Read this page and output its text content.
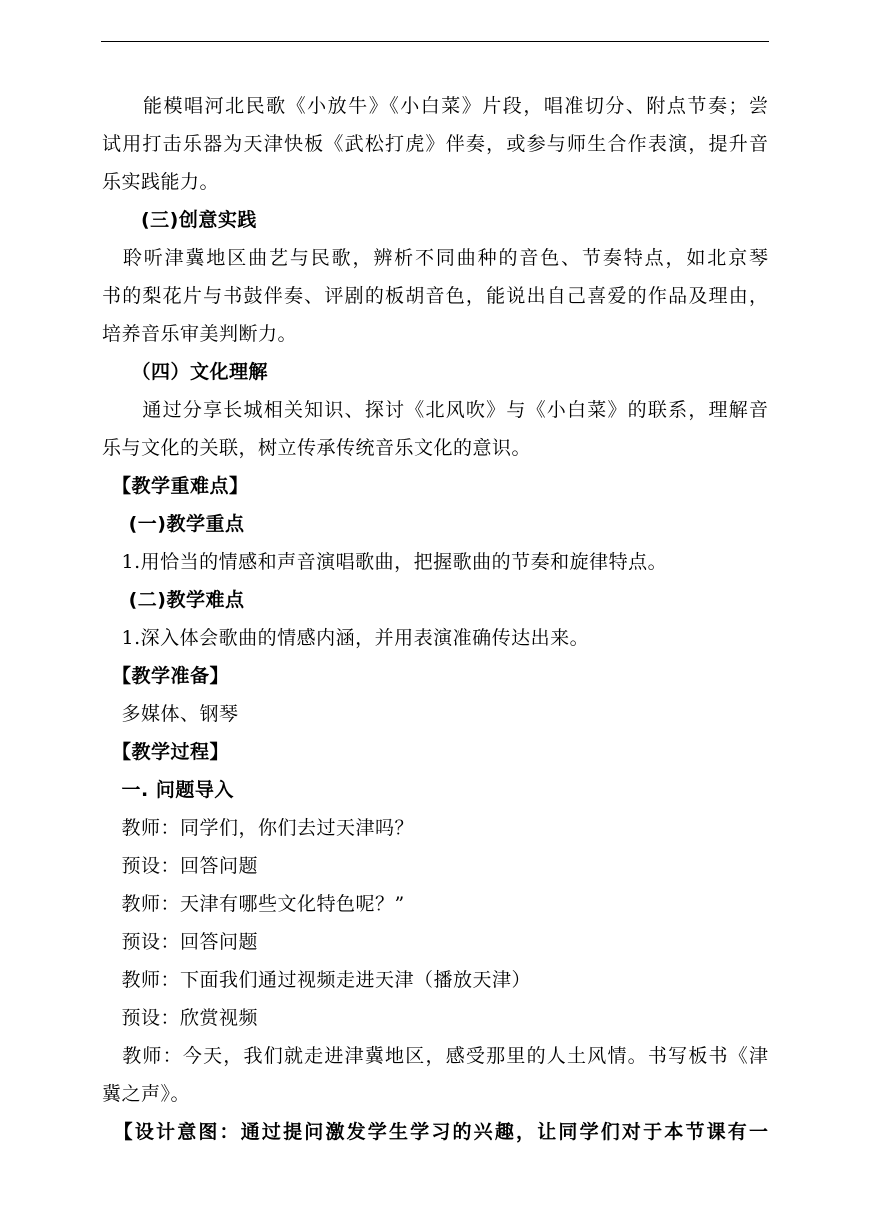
　　能模唱河北民歌《小放牛》《小白菜》片段，唱准切分、附点节奏；尝
试用打击乐器为天津快板《武松打虎》伴奏，或参与师生合作表演，提升音
乐实践能力。
　　(三)创意实践
　聆听津冀地区曲艺与民歌，辨析不同曲种的音色、节奏特点，如北京琴
书的梨花片与书鼓伴奏、评剧的板胡音色，能说出自己喜爱的作品及理由，
培养音乐审美判断力。
　　（四）文化理解
　　通过分享长城相关知识、探讨《北风吹》与《小白菜》的联系，理解音
乐与文化的关联，树立传承传统音乐文化的意识。
　【教学重难点】
　 (一)教学重点
　1.用恰当的情感和声音演唱歌曲，把握歌曲的节奏和旋律特点。
　 (二)教学难点
　1.深入体会歌曲的情感内涵，并用表演准确传达出来。
　【教学准备】
　多媒体、钢琴
　【教学过程】
　一. 问题导入
　教师：同学们，你们去过天津吗？
　预设：回答问题
　教师：天津有哪些文化特色呢？”
　预设：回答问题
　教师：下面我们通过视频走进天津（播放天津）
　预设：欣赏视频
　教师：今天，我们就走进津冀地区，感受那里的人土风情。书写板书《津
冀之声》。
　【设计意图：通过提问激发学生学习的兴趣，让同学们对于本节课有一
